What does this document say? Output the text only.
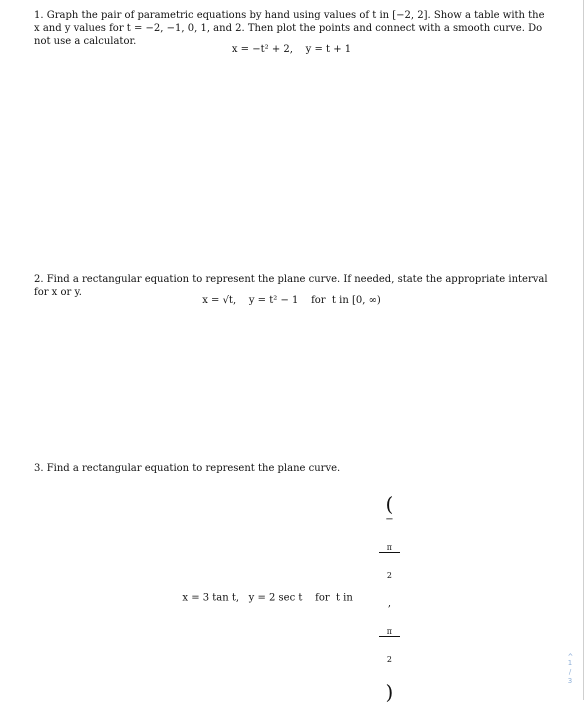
1. Graph the pair of parametric equations by hand using values of t in [−2, 2]. Show a table with the x and y values for t = −2, −1, 0, 1, and 2. Then plot the points and connect with a smooth curve. Do not use a calculator.
x = −t² + 2,    y = t + 1
2. Find a rectangular equation to represent the plane curve. If needed, state the appropriate interval for x or y.
x = √t,    y = t² − 1    for  t in [0, ∞)
3. Find a rectangular equation to represent the plane curve.
x = 3 tan t,   y = 2 sec t    for  t in
(
−

$\frac{\pi}{2}$

,

$\frac{\pi}{2}$

)

‹
1
/
3
